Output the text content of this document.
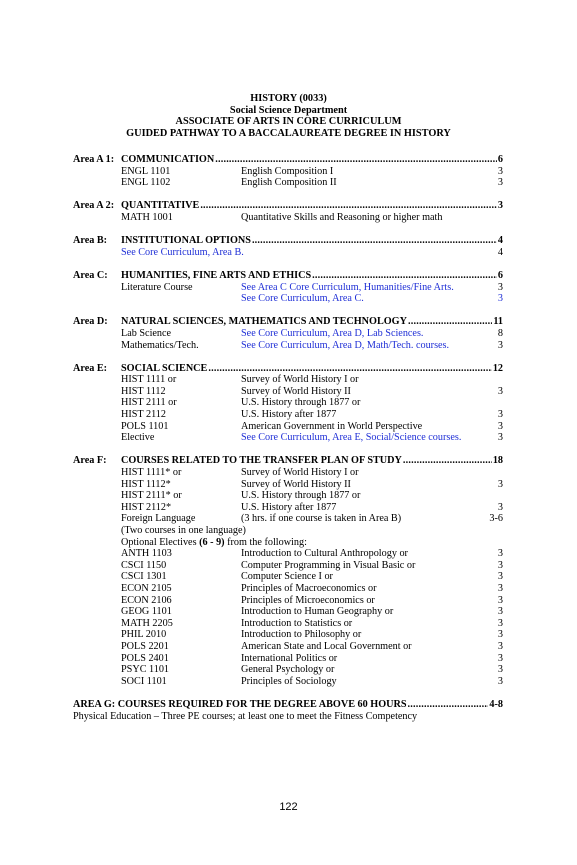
HISTORY (0033)
Social Science Department
ASSOCIATE OF ARTS IN CORE CURRICULUM
GUIDED PATHWAY TO A BACCALAUREATE DEGREE IN HISTORY
Area A 1: COMMUNICATION .....	6
ENGL 1101	English Composition I	3
ENGL 1102	English Composition II	3
Area A 2: QUANTITATIVE .....	3
MATH 1001	Quantitative Skills and Reasoning or higher math
Area B:	INSTITUTIONAL OPTIONS .....	4
See Core Curriculum, Area B.	4
Area C:	HUMANITIES, FINE ARTS AND ETHICS .....	6
Literature Course	See Area C Core Curriculum, Humanities/Fine Arts.	3
See Core Curriculum, Area C.	3
Area D:	NATURAL SCIENCES, MATHEMATICS AND TECHNOLOGY .....	11
Lab Science	See Core Curriculum, Area D, Lab Sciences.	8
Mathematics/Tech.	See Core Curriculum, Area D, Math/Tech. courses.	3
Area E:	SOCIAL SCIENCE .....	12
HIST 1111 or	Survey of World History I or
HIST 1112	Survey of World History II	3
HIST 2111 or	U.S. History through 1877 or
HIST 2112	U.S. History after 1877	3
POLS 1101	American Government in World Perspective	3
Elective	See Core Curriculum, Area E, Social/Science courses.	3
Area F:	COURSES RELATED TO THE TRANSFER PLAN OF STUDY .....	18
HIST 1111* or	Survey of World History I or
HIST 1112*	Survey of World History II	3
HIST 2111* or	U.S. History through 1877 or
HIST 2112*	U.S. History after 1877	3
Foreign Language	(3 hrs. if one course is taken in Area B)	3-6
(Two courses in one language)
Optional Electives (6 - 9) from the following:
ANTH 1103	Introduction to Cultural Anthropology or	3
CSCI 1150	Computer Programming in Visual Basic or	3
CSCI 1301	Computer Science I or	3
ECON 2105	Principles of Macroeconomics or	3
ECON 2106	Principles of Microeconomics or	3
GEOG 1101	Introduction to Human Geography or	3
MATH 2205	Introduction to Statistics or	3
PHIL 2010	Introduction to Philosophy or	3
POLS 2201	American State and Local Government or	3
POLS 2401	International Politics or	3
PSYC 1101	General Psychology or	3
SOCI 1101	Principles of Sociology	3
AREA G: COURSES REQUIRED FOR THE DEGREE ABOVE 60 HOURS .....	4-8
Physical Education – Three PE courses; at least one to meet the Fitness Competency
122
